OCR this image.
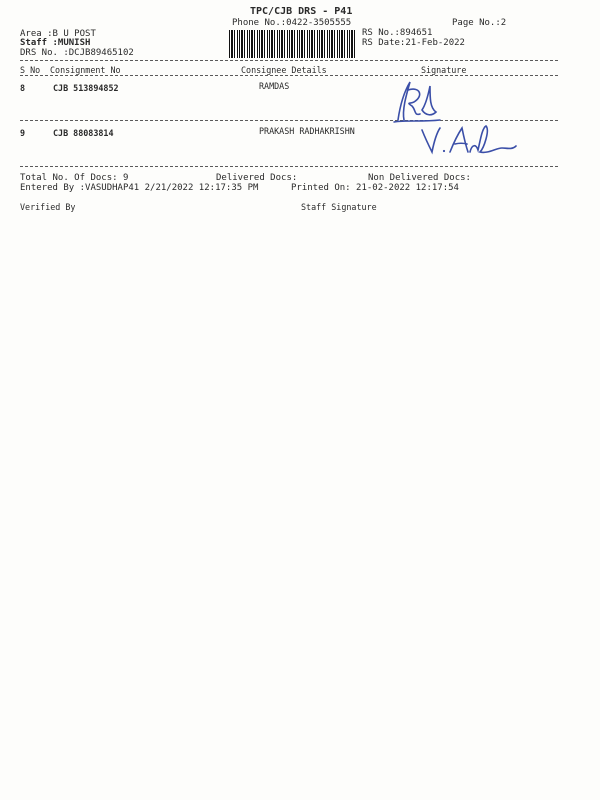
TPC/CJB DRS - P41
Phone No.:0422-3505555	Page No.:2
Area :B U POST
Staff :MUNISH
DRS No. :DCJB89465102
RS No.:894651
RS Date:21-Feb-2022
S No Consignment No	Consignee Details	Signature
8	CJB 513894852	RAMDAS
9	CJB 88083814	PRAKASH RADHAKRISHN
Total No. Of Docs: 9	Delivered Docs:	Non Delivered Docs:
Entered By :VASUDHAP41 2/21/2022 12:17:35 PM	Printed On: 21-02-2022 12:17:54
Verified By	Staff Signature
